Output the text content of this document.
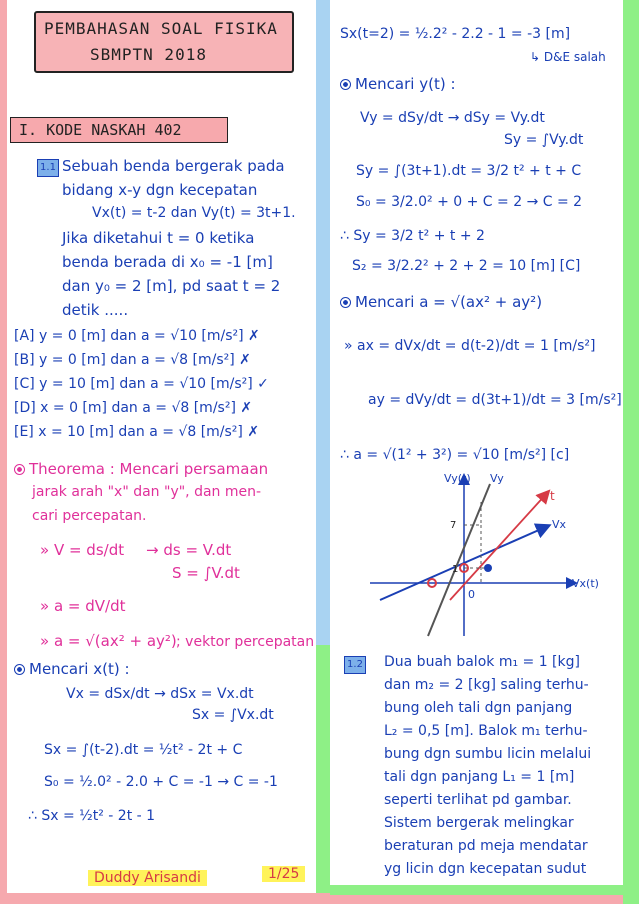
PEMBAHASAN SOAL FISIKA
SBMPTN 2018
I. KODE NASKAH 402
1.1 Sebuah benda bergerak pada
bidang x-y dgn kecepatan
Vx(t) = t-2 dan Vy(t) = 3t+1.
Jika diketahui t = 0 ketika
benda berada di x₀ = -1 [m]
dan y₀ = 2 [m], pd saat t = 2
detik .....
[A] y = 0 [m] dan a = √10 [m/s²] ✗
[B] y = 0 [m] dan a = √8 [m/s²] ✗
[C] y = 10 [m] dan a = √10 [m/s²] ✓
[D] x = 0 [m] dan a = √8 [m/s²] ✗
[E] x = 10 [m] dan a = √8 [m/s²] ✗
Theorema : Mencari persamaan
jarak arah "x" dan "y", dan men-
cari percepatan.
» V = ds/dt → ds = V.dt
S = ∫V.dt
» a = dV/dt
» a = √(ax² + ay²) ; vektor percepatan
Mencari x(t) :
Vx = dSx/dt → dSx = Vx.dt
Sx = ∫Vx.dt
Sx = ∫(t-2).dt = ½t² - 2t + C
S₀ = ½.0² - 2.0 + C = -1 → C = -1
∴ Sx = ½t² - 2t - 1
Duddy Arisandi	1/25
Sx(t=2) = ½.2² - 2.2 - 1 = -3 [m]
↳ D&E salah
Mencari y(t) :
Vy = dSy/dt → dSy = Vy.dt
Sy = ∫Vy.dt
Sy = ∫(3t+1).dt = 3/2 t² + t + C
S₀ = 3/2.0² + 0 + C = 2 → C = 2
∴ Sy = 3/2 t² + t + 2
S₂ = 3/2.2² + 2 + 2 = 10 [m] [C]
Mencari a = √(ax² + ay²)
» ax = dVx/dt = d(t-2)/dt = 1 [m/s²]
ay = dVy/dt = d(3t+1)/dt = 3 [m/s²]
∴ a = √(1² + 3²) = √10 [m/s²] [c]
Vy(t) Vy
t
Vx
Vx(t)
7
1
0
1.2 Dua buah balok m₁ = 1 [kg]
dan m₂ = 2 [kg] saling terhu-
bung oleh tali dgn panjang
L₂ = 0,5 [m]. Balok m₁ terhu-
bung dgn sumbu licin melalui
tali dgn panjang L₁ = 1 [m]
seperti terlihat pd gambar.
Sistem bergerak melingkar
beraturan pd meja mendatar
yg licin dgn kecepatan sudut
